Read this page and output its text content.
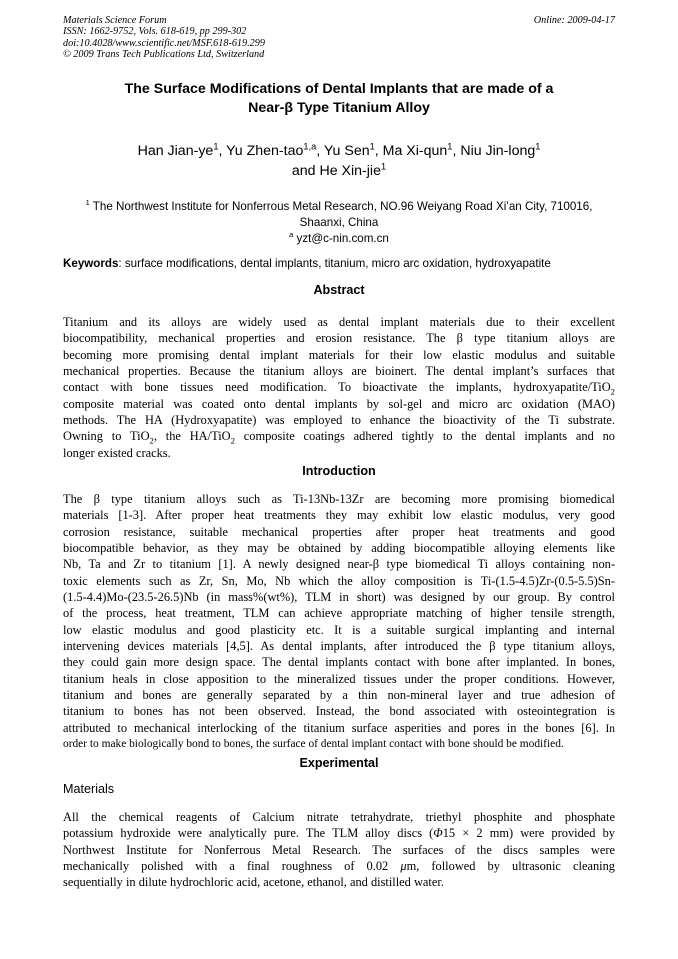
Materials Science Forum
ISSN: 1662-9752, Vols. 618-619, pp 299-302
doi:10.4028/www.scientific.net/MSF.618-619.299
© 2009 Trans Tech Publications Ltd, Switzerland
Online: 2009-04-17
The Surface Modifications of Dental Implants that are made of a
Near-β Type Titanium Alloy
Han Jian-$ye^1$, Yu Zhen-tao$^{1,a}$, Yu Sen$^1$, Ma Xi-qun$^1$, Niu Jin-long$^1$
and He Xin-jie$^1$
$^1$ The Northwest Institute for Nonferrous Metal Research, NO.96 Weiyang Road Xi’an City, 710016,
Shaanxi, China
$^a$ yzt@c-nin.com.cn
Keywords: surface modifications, dental implants, titanium, micro arc oxidation, hydroxyapatite
Abstract
Titanium and its alloys are widely used as dental implant materials due to their excellent
biocompatibility, mechanical properties and erosion resistance. The β type titanium alloys are
becoming more promising dental implant materials for their low elastic modulus and suitable
mechanical properties. Because the titanium alloys are bioinert. The dental implant’s surfaces that
contact with bone tissues need modification. To bioactivate the implants, hydroxyapatite/TiO$_2$
composite material was coated onto dental implants by sol-gel and micro arc oxidation (MAO)
methods. The HA (Hydroxyapatite) was employed to enhance the bioactivity of the Ti substrate.
Owning to TiO$_2$, the HA/TiO$_2$ composite coatings adhered tightly to the dental implants and no
longer existed cracks.
Introduction
The β type titanium alloys such as Ti-13Nb-13Zr are becoming more promising biomedical
materials [1-3]. After proper heat treatments they may exhibit low elastic modulus, very good
corrosion resistance, suitable mechanical properties after proper heat treatments and good
biocompatible behavior, as they may be obtained by adding biocompatible alloying elements like
Nb, Ta and Zr to titanium [1]. A newly designed near-β type biomedical Ti alloys containing non-
toxic elements such as Zr, Sn, Mo, Nb which the alloy composition is Ti-(1.5-4.5)Zr-(0.5-5.5)Sn-
(1.5-4.4)Mo-(23.5-26.5)Nb (in mass%(wt%), TLM in short) was designed by our group. By control
of the process, heat treatment, TLM can achieve appropriate matching of higher tensile strength,
low elastic modulus and good plasticity etc. It is a suitable surgical implanting and internal
intervening devices materials [4,5]. As dental implants, after introduced the β type titanium alloys,
they could gain more design space. The dental implants contact with bone after implanted. In bones,
titanium heals in close apposition to the mineralized tissues under the proper conditions. However,
titanium and bones are generally separated by a thin non-mineral layer and true adhesion of
titanium to bones has not been observed. Instead, the bond associated with osteointegration is
attributed to mechanical interlocking of the titanium surface asperities and pores in the bones [6]. In
order to make biologically bond to bones, the surface of dental implant contact with bone should be modified.
Experimental
Materials
All the chemical reagents of Calcium nitrate tetrahydrate, triethyl phosphite and phosphate
potassium hydroxide were analytically pure. The TLM alloy discs (Φ15 × 2 mm) were provided by
Northwest Institute for Nonferrous Metal Research. The surfaces of the discs samples were
mechanically polished with a final roughness of 0.02 μm, followed by ultrasonic cleaning
sequentially in dilute hydrochloric acid, acetone, ethanol, and distilled water.
